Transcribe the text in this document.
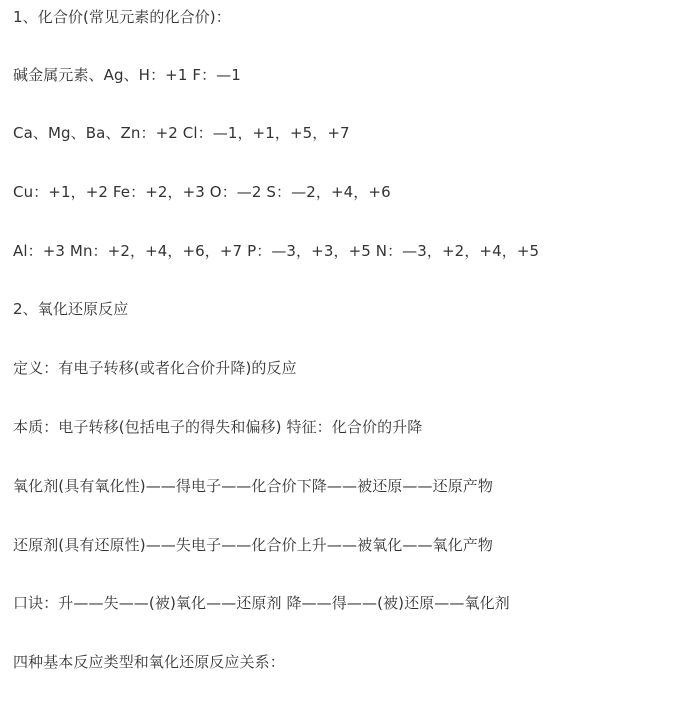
1、化合价(常见元素的化合价)：
碱金属元素、Ag、H：+1 F：—1
Ca、Mg、Ba、Zn：+2 Cl：—1，+1，+5，+7
Cu：+1，+2 Fe：+2，+3 O：—2 S：—2，+4，+6
Al：+3 Mn：+2，+4，+6，+7 P：—3，+3，+5 N：—3，+2，+4，+5
2、氧化还原反应
定义：有电子转移(或者化合价升降)的反应
本质：电子转移(包括电子的得失和偏移) 特征：化合价的升降
氧化剂(具有氧化性)——得电子——化合价下降——被还原——还原产物
还原剂(具有还原性)——失电子——化合价上升——被氧化——氧化产物
口诀：升——失——(被)氧化——还原剂 降——得——(被)还原——氧化剂
四种基本反应类型和氧化还原反应关系：
